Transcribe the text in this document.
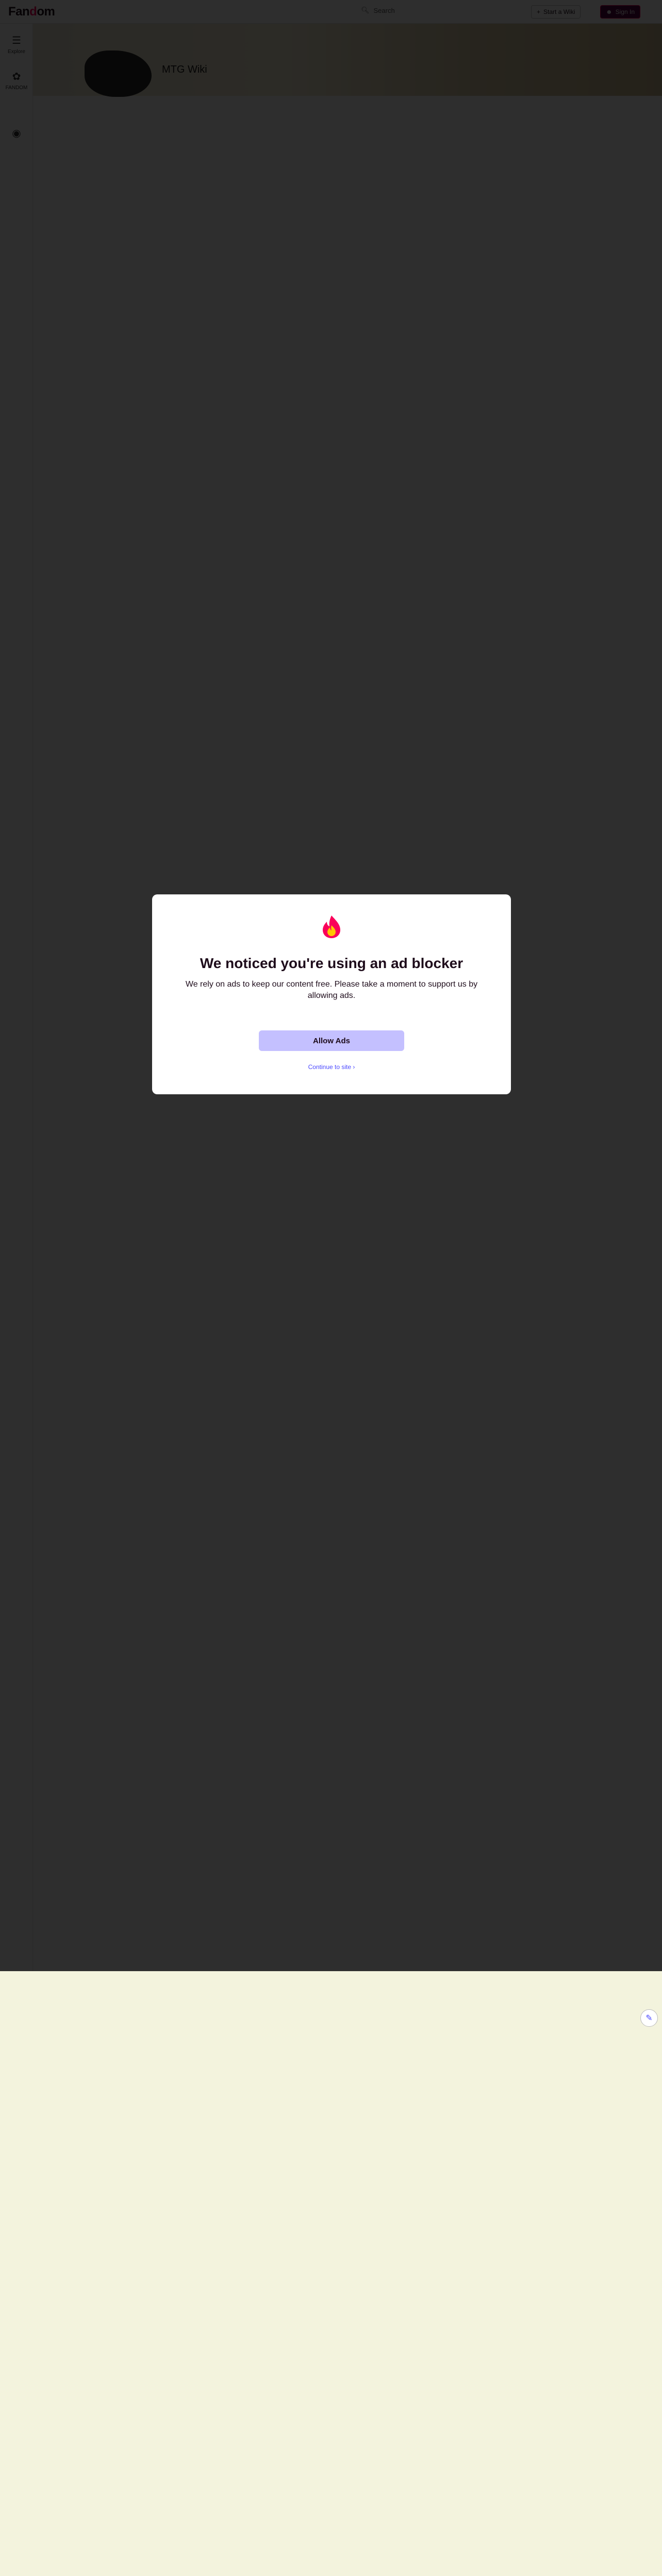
We noticed you're using an ad blocker
We rely on ads to keep our content free. Please take a moment to support us by allowing ads.
Allow Ads
Continue to site ›
✎
